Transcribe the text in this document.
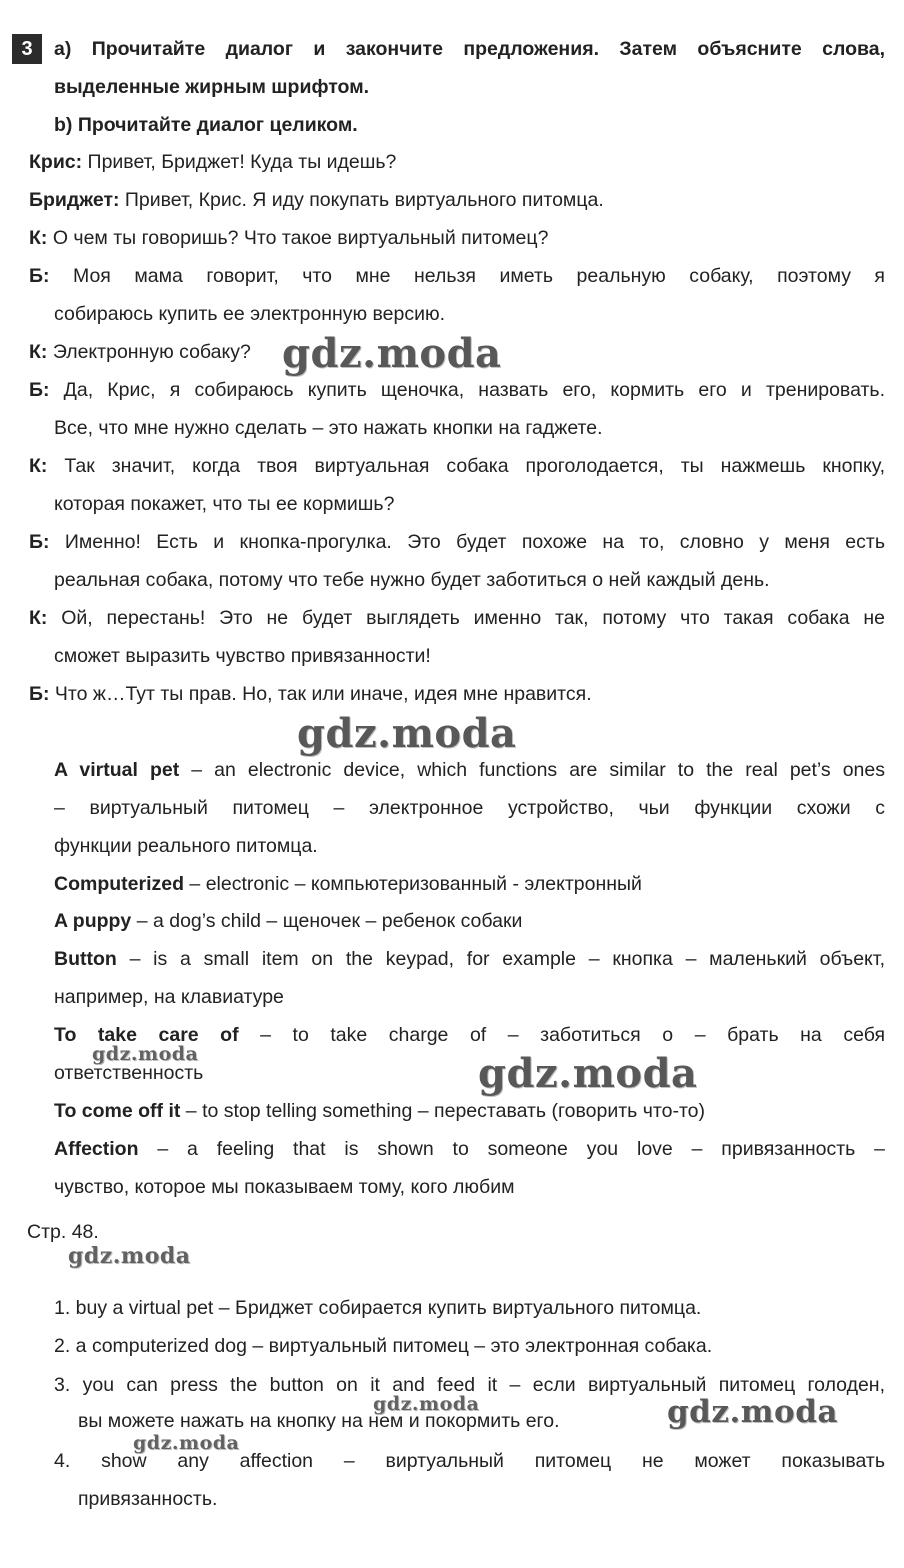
3	a) Прочитайте диалог и закончите предложения. Затем объясните слова,
выделенные жирным шрифтом.
b) Прочитайте диалог целиком.
Крис: Привет, Бриджет! Куда ты идешь?
Бриджет: Привет, Крис. Я иду покупать виртуального питомца.
К: О чем ты говоришь? Что такое виртуальный питомец?
Б: Моя мама говорит, что мне нельзя иметь реальную собаку, поэтому я
собираюсь купить ее электронную версию.
К: Электронную собаку?
Б: Да, Крис, я собираюсь купить щеночка, назвать его, кормить его и тренировать.
Все, что мне нужно сделать – это нажать кнопки на гаджете.
К: Так значит, когда твоя виртуальная собака проголодается, ты нажмешь кнопку,
которая покажет, что ты ее кормишь?
Б: Именно! Есть и кнопка-прогулка. Это будет похоже на то, словно у меня есть
реальная собака, потому что тебе нужно будет заботиться о ней каждый день.
К: Ой, перестань! Это не будет выглядеть именно так, потому что такая собака не
сможет выразить чувство привязанности!
Б: Что ж…Тут ты прав. Но, так или иначе, идея мне нравится.
A virtual pet – an electronic device, which functions are similar to the real pet’s ones
– виртуальный питомец – электронное устройство, чьи функции схожи с
функции реального питомца.
Computerized – electronic – компьютеризованный - электронный
A puppy – a dog’s child – щеночек – ребенок собаки
Button – is a small item on the keypad, for example – кнопка – маленький объект,
например, на клавиатуре
To take care of – to take charge of – заботиться о – брать на себя
ответственность
To come off it – to stop telling something – переставать (говорить что-то)
Affection – a feeling that is shown to someone you love – привязанность –
чувство, которое мы показываем тому, кого любим
Стр. 48.
1. buy a virtual pet – Бриджет собирается купить виртуального питомца.
2. a computerized dog – виртуальный питомец – это электронная собака.
3. you can press the button on it and feed it – если виртуальный питомец голоден,
вы можете нажать на кнопку на нем и покормить его.
4. show any affection – виртуальный питомец не может показывать
привязанность.
gdz.moda
gdz.moda
gdz.moda	gdz.moda
gdz.moda
gdz.moda	gdz.moda
gdz.moda
